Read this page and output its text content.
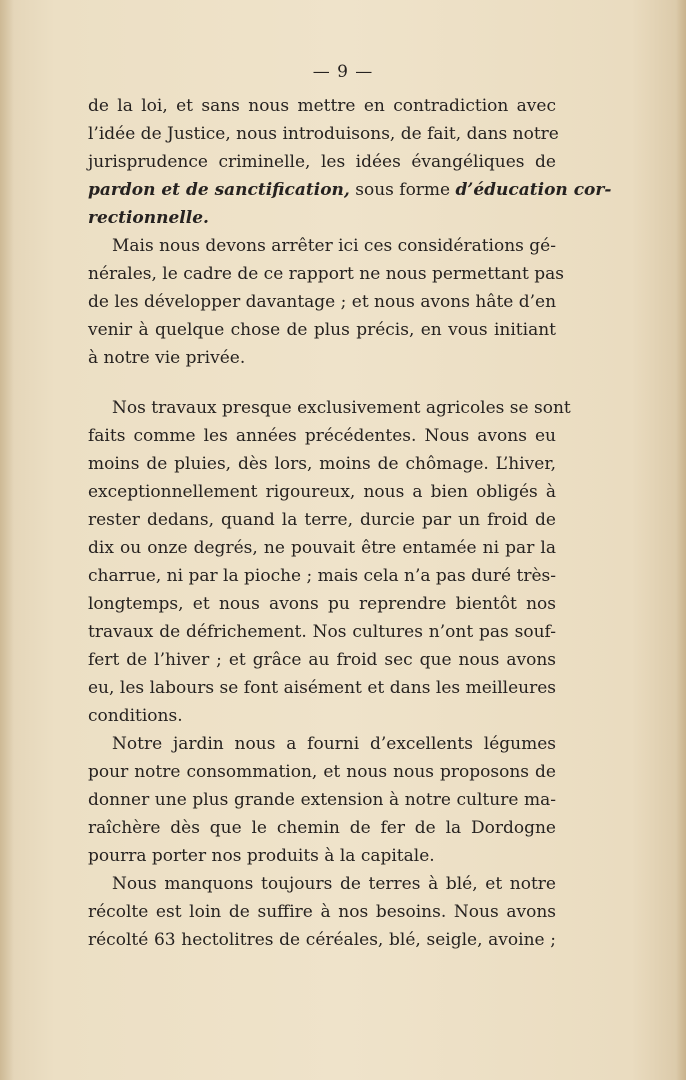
— 9 —
de la loi, et sans nous mettre en contradiction avec
l’idée de Justice, nous introduisons, de fait, dans notre
jurisprudence criminelle, les idées évangéliques de
pardon et de sanctification, sous forme d’éducation cor-
rectionnelle.
Mais nous devons arrêter ici ces considérations gé-
nérales, le cadre de ce rapport ne nous permettant pas
de les développer davantage ; et nous avons hâte d’en
venir à quelque chose de plus précis, en vous initiant
à notre vie privée.
Nos travaux presque exclusivement agricoles se sont
faits comme les années précédentes. Nous avons eu
moins de pluies, dès lors, moins de chômage. L’hiver,
exceptionnellement rigoureux, nous a bien obligés à
rester dedans, quand la terre, durcie par un froid de
dix ou onze degrés, ne pouvait être entamée ni par la
charrue, ni par la pioche ; mais cela n’a pas duré très-
longtemps, et nous avons pu reprendre bientôt nos
travaux de défrichement. Nos cultures n’ont pas souf-
fert de l’hiver ; et grâce au froid sec que nous avons
eu, les labours se font aisément et dans les meilleures
conditions.
Notre jardin nous a fourni d’excellents légumes
pour notre consommation, et nous nous proposons de
donner une plus grande extension à notre culture ma-
raîchère dès que le chemin de fer de la Dordogne
pourra porter nos produits à la capitale.
Nous manquons toujours de terres à blé, et notre
récolte est loin de suffire à nos besoins. Nous avons
récolté 63 hectolitres de céréales, blé, seigle, avoine ;
